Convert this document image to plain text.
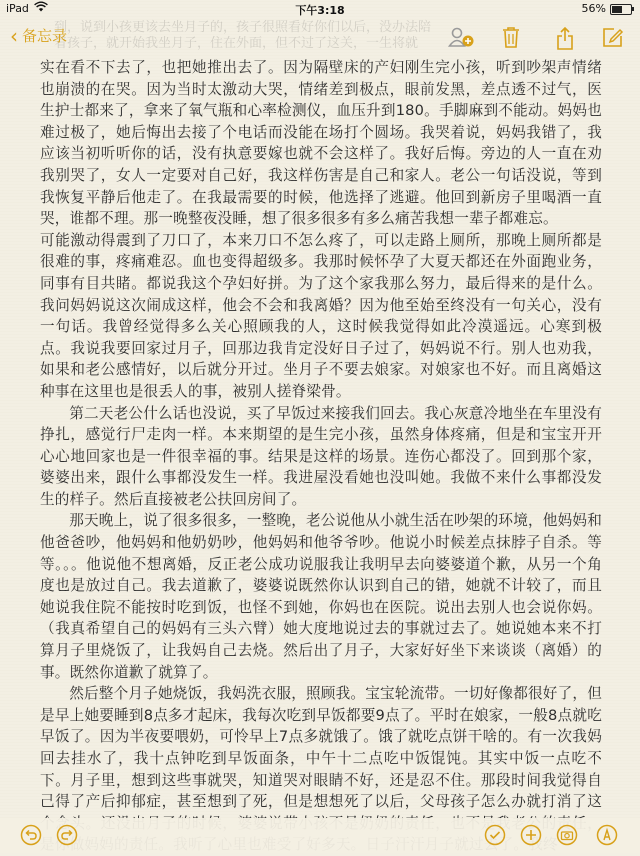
iPad	下午3:18	56%
到，说到小孩更该去坐月子的，孩子很照看好你们以后，没办法陪
着孩子，就开始我坐月子，住在外面，但不过了这关，一生将就
‹ 备忘录

实在看不下去了，也把她推出去了。因为隔壁床的产妇刚生完小孩，听到吵架声情绪也崩溃的在哭。因为当时太激动大哭，情绪差到极点，眼前发黑，差点透不过气，医生护士都来了，拿来了氧气瓶和心率检测仪，血压升到180。手脚麻到不能动。妈妈也难过极了，她后悔出去接了个电话而没能在场打个圆场。我哭着说，妈妈我错了，我应该当初听听你的话，没有执意要嫁也就不会这样了。我好后悔。旁边的人一直在劝我别哭了，女人一定要对自己好，我这样伤害是自己和家人。老公一句话没说，等到我恢复平静后他走了。在我最需要的时候，他选择了逃避。他回到新房子里喝酒一直哭，谁都不理。那一晚整夜没睡，想了很多很多有多么痛苦我想一辈子都难忘。

可能激动得震到了刀口了，本来刀口不怎么疼了，可以走路上厕所，那晚上厕所都是很难的事，疼痛难忍。血也变得超级多。我那时候怀孕了大夏天都还在外面跑业务，同事有目共睹。都说我这个孕妇好拼。为了这个家我那么努力，最后得来的是什么。我问妈妈说这次闹成这样，他会不会和我离婚？因为他至始至终没有一句关心，没有一句话。我曾经觉得多么关心照顾我的人，这时候我觉得如此冷漠遥远。心寒到极点。我说我要回家过月子，回那边我肯定没好日子过了，妈妈说不行。别人也劝我，如果和老公感情好，以后就分开过。坐月子不要去娘家。对娘家也不好。而且离婚这种事在这里也是很丢人的事，被别人搓脊梁骨。

第二天老公什么话也没说，买了早饭过来接我们回去。我心灰意冷地坐在车里没有挣扎，感觉行尸走肉一样。本来期望的是生完小孩，虽然身体疼痛，但是和宝宝开开心心地回家也是一件很幸福的事。结果是这样的场景。连伤心都没了。回到那个家，婆婆出来，跟什么事都没发生一样。我进屋没看她也没叫她。我做不来什么事都没发生的样子。然后直接被老公扶回房间了。

那天晚上，说了很多很多，一整晚，老公说他从小就生活在吵架的环境，他妈妈和他爸爸吵，他妈妈和他奶奶吵，他妈妈和他爷爷吵。他说小时候差点抹脖子自杀。等等。。。他说他不想离婚，反正老公成功说服我让我明早去向婆婆道个歉，从另一个角度也是放过自己。我去道歉了，婆婆说既然你认识到自己的错，她就不计较了，而且她说我住院不能按时吃到饭，也怪不到她，你妈也在医院。说出去别人也会说你妈。（我真希望自己的妈妈有三头六臂）她大度地说过去的事就过去了。她说她本来不打算月子里烧饭了，让我妈自己去烧。然后出了月子，大家好好坐下来谈谈（离婚）的事。既然你道歉了就算了。

然后整个月子她烧饭，我妈洗衣服，照顾我。宝宝轮流带。一切好像都很好了，但是早上她要睡到8点多才起床，我每次吃到早饭都要9点了。平时在娘家，一般8点就吃早饭了。因为半夜要喂奶，可怜早上7点多就饿了。饿了就吃点饼干啥的。有一次我妈回去挂水了，我十点钟吃到早饭面条，中午十二点吃中饭馄饨。其实中饭一点吃不下。月子里，想到这些事就哭，知道哭对眼睛不好，还是忍不住。那段时间我觉得自己得了产后抑郁症，甚至想到了死，但是想想死了以后，父母孩子怎么办就打消了这
